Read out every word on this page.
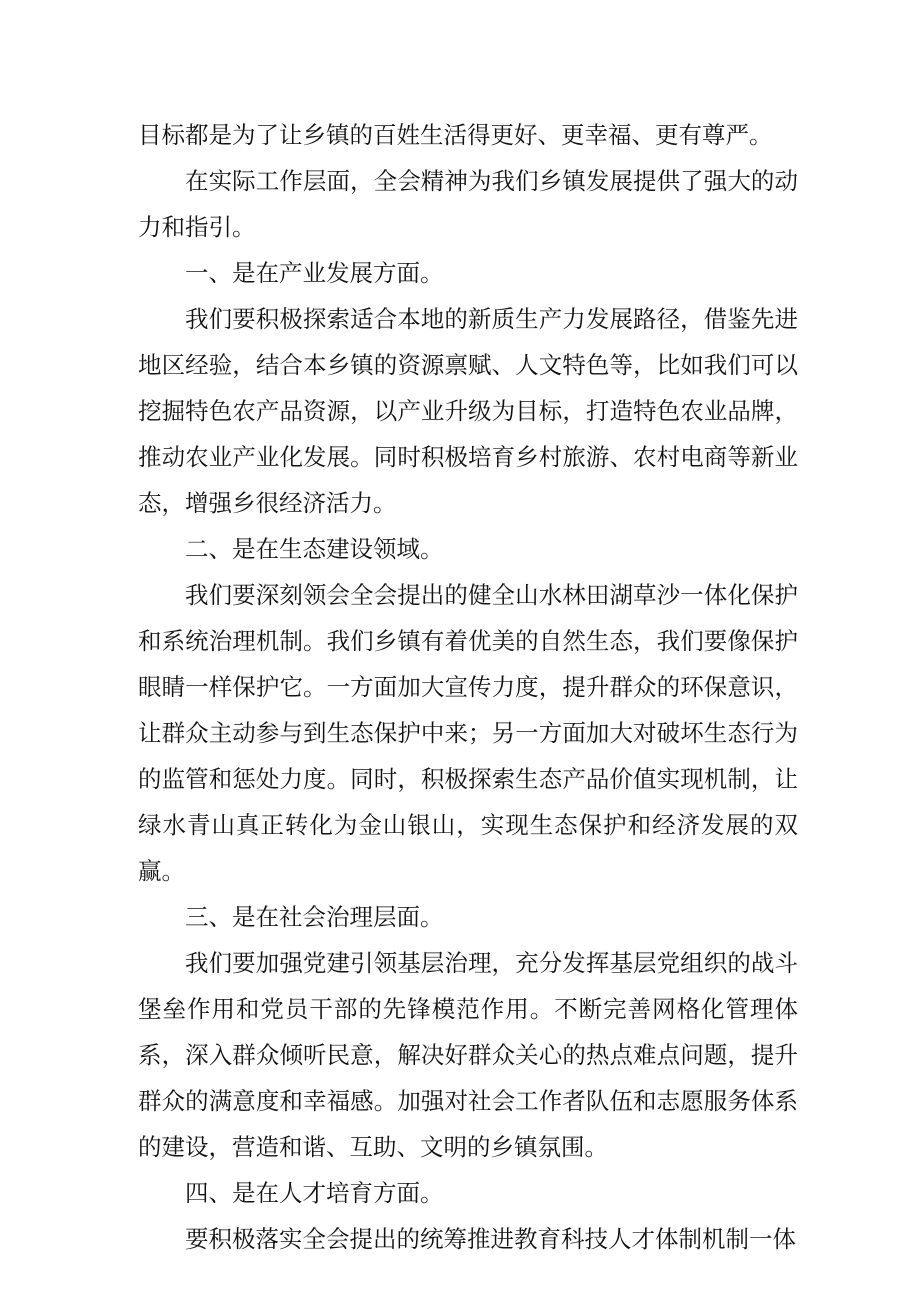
目标都是为了让乡镇的百姓生活得更好、更幸福、更有尊严。

在实际工作层面，全会精神为我们乡镇发展提供了强大的动力和指引。

一、是在产业发展方面。

我们要积极探索适合本地的新质生产力发展路径，借鉴先进地区经验，结合本乡镇的资源禀赋、人文特色等，比如我们可以挖掘特色农产品资源，以产业升级为目标，打造特色农业品牌，推动农业产业化发展。同时积极培育乡村旅游、农村电商等新业态，增强乡很经济活力。

二、是在生态建设领域。

我们要深刻领会全会提出的健全山水林田湖草沙一体化保护和系统治理机制。我们乡镇有着优美的自然生态，我们要像保护眼睛一样保护它。一方面加大宣传力度，提升群众的环保意识，让群众主动参与到生态保护中来；另一方面加大对破坏生态行为的监管和惩处力度。同时，积极探索生态产品价值实现机制，让绿水青山真正转化为金山银山，实现生态保护和经济发展的双赢。

三、是在社会治理层面。

我们要加强党建引领基层治理，充分发挥基层党组织的战斗堡垒作用和党员干部的先锋模范作用。不断完善网格化管理体系，深入群众倾听民意，解决好群众关心的热点难点问题，提升群众的满意度和幸福感。加强对社会工作者队伍和志愿服务体系的建设，营造和谐、互助、文明的乡镇氛围。

四、是在人才培育方面。

要积极落实全会提出的统筹推进教育科技人才体制机制一体
